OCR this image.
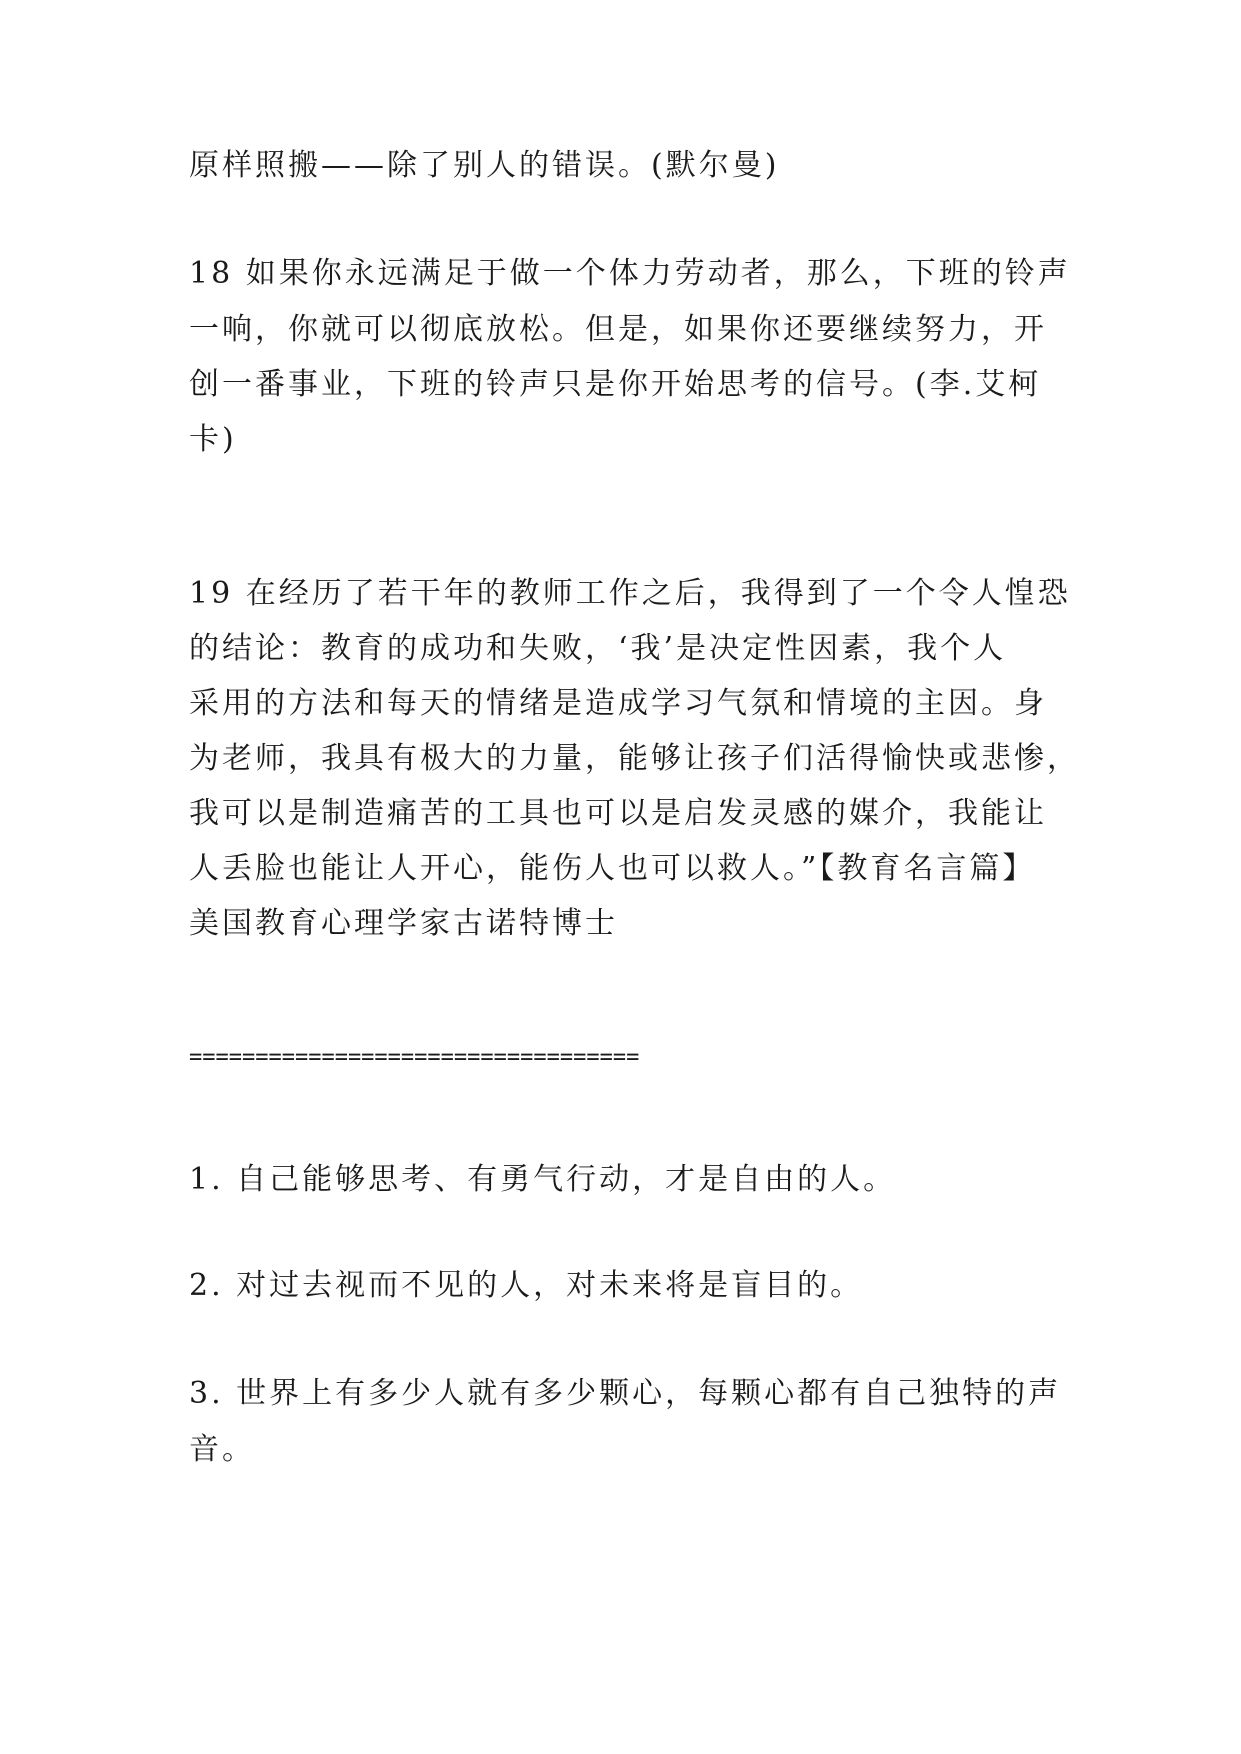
原样照搬——除了别人的错误。(默尔曼)
18 如果你永远满足于做一个体力劳动者，那么，下班的铃声
一响，你就可以彻底放松。但是，如果你还要继续努力，开
创一番事业，下班的铃声只是你开始思考的信号。(李.艾柯
卡)
19 在经历了若干年的教师工作之后，我得到了一个令人惶恐
的结论：教育的成功和失败，‘我’是决定性因素，我个人
采用的方法和每天的情绪是造成学习气氛和情境的主因。身
为老师，我具有极大的力量，能够让孩子们活得愉快或悲惨，
我可以是制造痛苦的工具也可以是启发灵感的媒介，我能让
人丢脸也能让人开心，能伤人也可以救人。”【教育名言篇】
美国教育心理学家古诺特博士
==================================
1. 自己能够思考、有勇气行动，才是自由的人。
2. 对过去视而不见的人，对未来将是盲目的。
3. 世界上有多少人就有多少颗心，每颗心都有自己独特的声
音。
